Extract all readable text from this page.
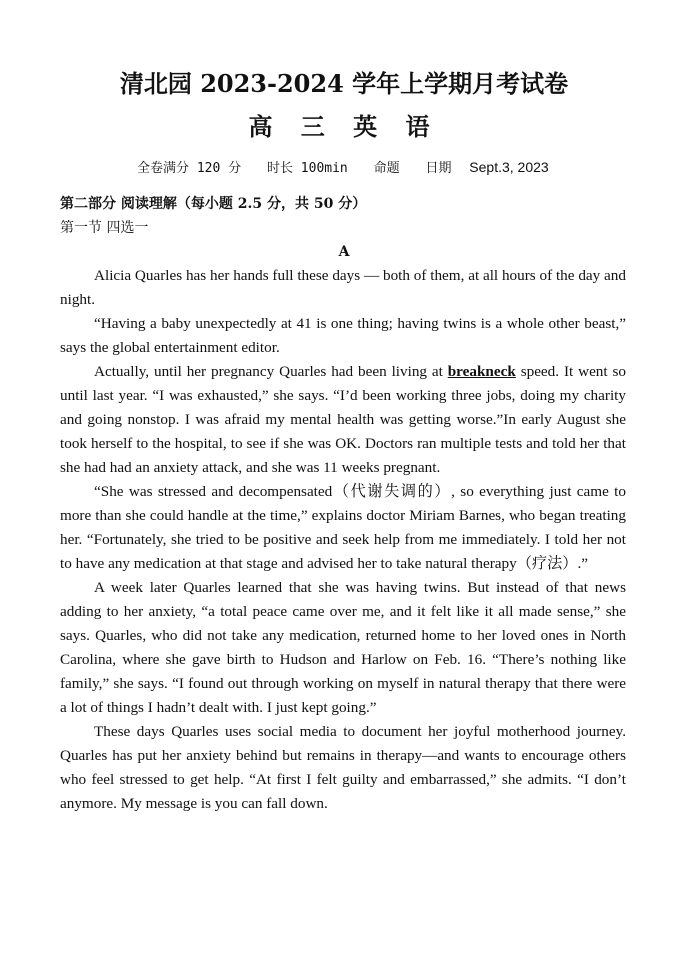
清北园 2023-2024 学年上学期月考试卷
高 三 英 语
全卷满分 120 分 时长 100min 命题 日期 Sept.3, 2023
第二部分 阅读理解（每小题 2.5 分，共 50 分）
第一节 四选一
A

Alicia Quarles has her hands full these days — both of them, at all hours of the day and night.

“Having a baby unexpectedly at 41 is one thing; having twins is a whole other beast,” says the global entertainment editor.

Actually, until her pregnancy Quarles had been living at breakneck speed. It went so until last year. “I was exhausted,” she says. “I’d been working three jobs, doing my charity and going nonstop. I was afraid my mental health was getting worse.”In early August she took herself to the hospital, to see if she was OK. Doctors ran multiple tests and told her that she had had an anxiety attack, and she was 11 weeks pregnant.

“She was stressed and decompensated（代谢失调的）, so everything just came to more than she could handle at the time,” explains doctor Miriam Barnes, who began treating her. “Fortunately, she tried to be positive and seek help from me immediately. I told her not to have any medication at that stage and advised her to take natural therapy（疗法）.”

A week later Quarles learned that she was having twins. But instead of that news adding to her anxiety, “a total peace came over me, and it felt like it all made sense,” she says. Quarles, who did not take any medication, returned home to her loved ones in North Carolina, where she gave birth to Hudson and Harlow on Feb. 16. “There’s nothing like family,” she says. “I found out through working on myself in natural therapy that there were a lot of things I hadn’t dealt with. I just kept going.”

These days Quarles uses social media to document her joyful motherhood journey. Quarles has put her anxiety behind but remains in therapy—and wants to encourage others who feel stressed to get help. “At first I felt guilty and embarrassed,” she admits. “I don’t anymore. My message is you can fall down.
